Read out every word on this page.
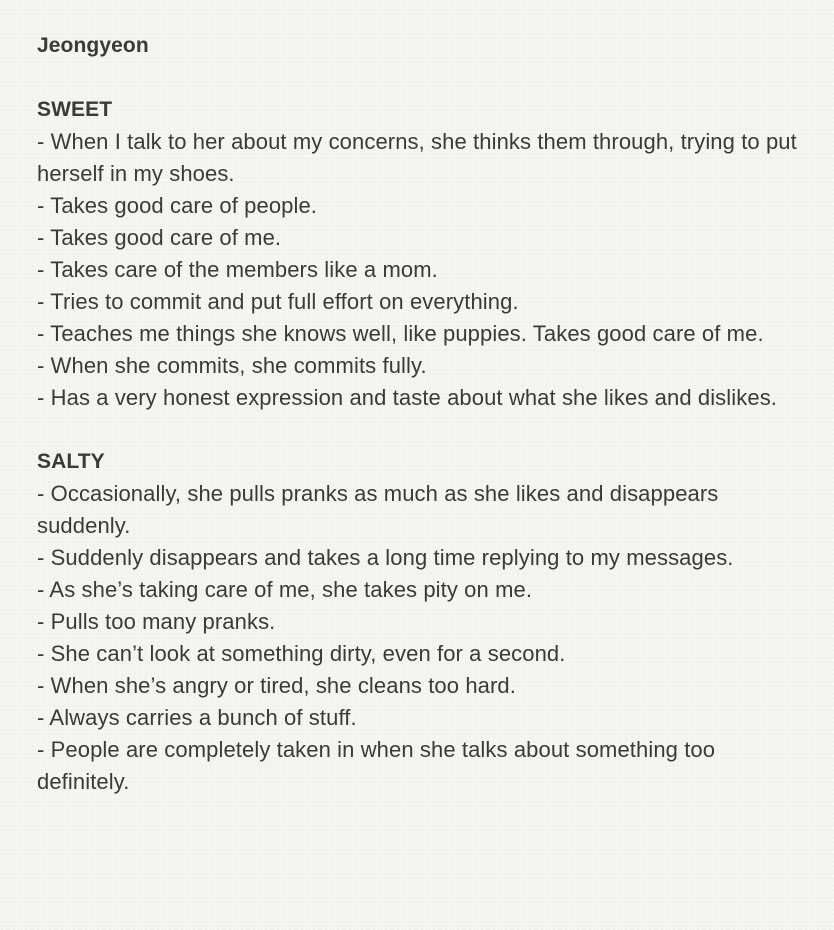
Jeongyeon
SWEET
- When I talk to her about my concerns, she thinks them through, trying to put herself in my shoes.
- Takes good care of people.
- Takes good care of me.
- Takes care of the members like a mom.
- Tries to commit and put full effort on everything.
- Teaches me things she knows well, like puppies. Takes good care of me.
- When she commits, she commits fully.
- Has a very honest expression and taste about what she likes and dislikes.
SALTY
- Occasionally, she pulls pranks as much as she likes and disappears suddenly.
- Suddenly disappears and takes a long time replying to my messages.
- As she’s taking care of me, she takes pity on me.
- Pulls too many pranks.
- She can’t look at something dirty, even for a second.
- When she’s angry or tired, she cleans too hard.
- Always carries a bunch of stuff.
- People are completely taken in when she talks about something too definitely.
